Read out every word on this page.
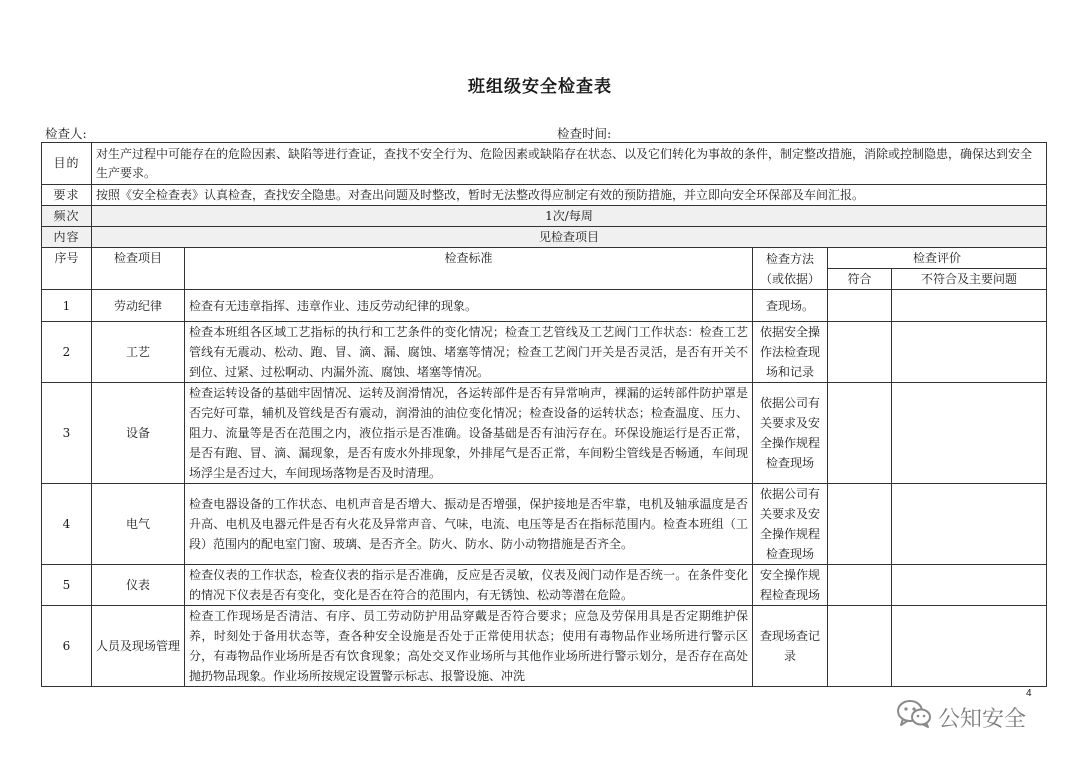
班组级安全检查表
检查人:	检查时间:
目的	对生产过程中可能存在的危险因素、缺陷等进行查证，查找不安全行为、危险因素或缺陷存在状态、以及它们转化为事故的条件，制定整改措施，消除或控制隐患，确保达到安全生产要求。				
要求	按照《安全检查表》认真检查，查找安全隐患。对查出问题及时整改，暂时无法整改得应制定有效的预防措施，并立即向安全环保部及车间汇报。				
频次	1次/每周				
内容	见检查项目				
序号	检查项目	检查标准	检查方法（或依据）	检查评价	
				符合	不符合及主要问题
1	劳动纪律	检查有无违章指挥、违章作业、违反劳动纪律的现象。	查现场。		
2	工艺	检查本班组各区域工艺指标的执行和工艺条件的变化情况；检查工艺管线及工艺阀门工作状态：检查工艺管线有无震动、松动、跑、冒、滴、漏、腐蚀、堵塞等情况；检查工艺阀门开关是否灵活，是否有开关不到位、过紧、过松啊动、内漏外流、腐蚀、堵塞等情况。	依据安全操作法检查现场和记录		
3	设备	检查运转设备的基础牢固情况、运转及润滑情况，各运转部件是否有异常响声，裸漏的运转部件防护罩是否完好可靠，辅机及管线是否有震动，润滑油的油位变化情况；检查设备的运转状态；检查温度、压力、阻力、流量等是否在范围之内，液位指示是否准确。设备基础是否有油污存在。环保设施运行是否正常，是否有跑、冒、滴、漏现象，是否有废水外排现象，外排尾气是否正常，车间粉尘管线是否畅通，车间现场浮尘是否过大，车间现场落物是否及时清理。	依据公司有关要求及安全操作规程检查现场		
4	电气	检查电器设备的工作状态、电机声音是否增大、振动是否增强，保护接地是否牢靠，电机及轴承温度是否升高、电机及电器元件是否有火花及异常声音、气味，电流、电压等是否在指标范围内。检查本班组（工段）范围内的配电室门窗、玻璃、是否齐全。防火、防水、防小动物措施是否齐全。	依据公司有关要求及安全操作规程检查现场		
5	仪表	检查仪表的工作状态，检查仪表的指示是否准确，反应是否灵敏，仪表及阀门动作是否统一。在条件变化的情况下仪表是否有变化，变化是否在符合的范围内，有无锈蚀、松动等潜在危险。	安全操作规程检查现场		
6	人员及现场管理	检查工作现场是否清洁、有序、员工劳动防护用品穿戴是否符合要求；应急及劳保用具是否定期维护保养，时刻处于备用状态等，查各种安全设施是否处于正常使用状态；使用有毒物品作业场所进行警示区分，有毒物品作业场所是否有饮食现象；高处交叉作业场所与其他作业场所进行警示划分，是否存在高处抛扔物品现象。作业场所按规定设置警示标志、报警设施、冲洗	查现场查记录		
4
公知安全
